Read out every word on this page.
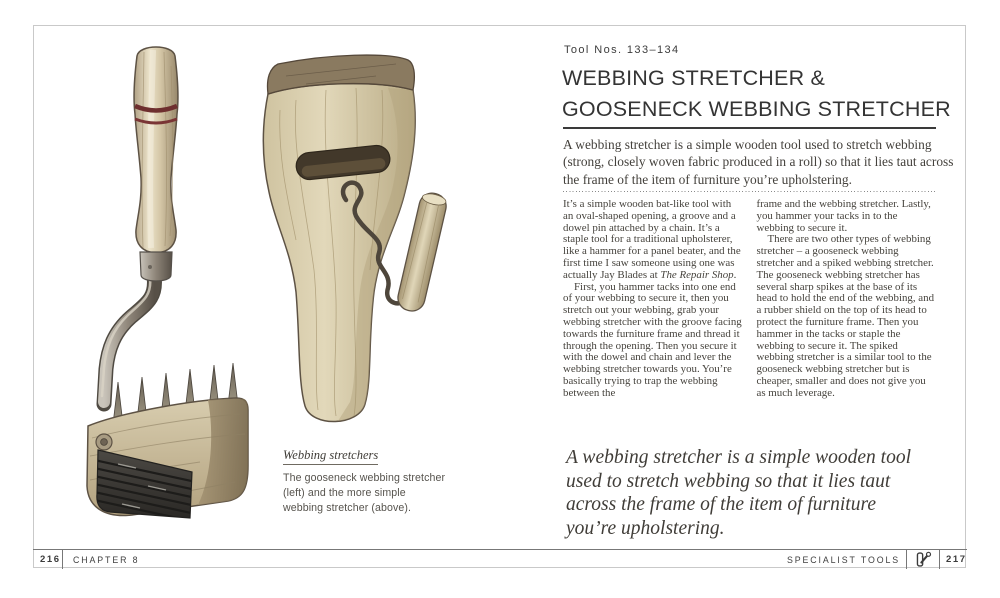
Webbing stretchers
The gooseneck webbing stretcher
(left) and the more simple
webbing stretcher (above).
Tool Nos. 133–134
WEBBING STRETCHER &
GOOSENECK WEBBING STRETCHER
A webbing stretcher is a simple wooden tool used to stretch webbing
(strong, closely woven fabric produced in a roll) so that it lies taut across
the frame of the item of furniture you’re upholstering.

It’s a simple wooden bat-like tool with an oval-shaped opening, a groove and a dowel pin attached by a chain. It’s a staple tool for a traditional upholsterer, like a hammer for a panel beater, and the first time I saw someone using one was actually Jay Blades at The Repair Shop.

First, you hammer tacks into one end of your webbing to secure it, then you stretch out your webbing, grab your webbing stretcher with the groove facing towards the furniture frame and thread it through the opening. Then you secure it with the dowel and chain and lever the webbing stretcher towards you. You’re basically trying to trap the webbing between the

frame and the webbing stretcher. Lastly, you hammer your tacks in to the webbing to secure it.

There are two other types of webbing stretcher – a gooseneck webbing stretcher and a spiked webbing stretcher. The gooseneck webbing stretcher has several sharp spikes at the base of its head to hold the end of the webbing, and a rubber shield on the top of its head to protect the furniture frame. Then you hammer in the tacks or staple the webbing to secure it. The spiked webbing stretcher is a similar tool to the gooseneck webbing stretcher but is cheaper, smaller and does not give you as much leverage.

A webbing stretcher is a simple wooden tool
used to stretch webbing so that it lies taut
across the frame of the item of furniture
you’re upholstering.
216 CHAPTER 8	SPECIALIST TOOLS	217
